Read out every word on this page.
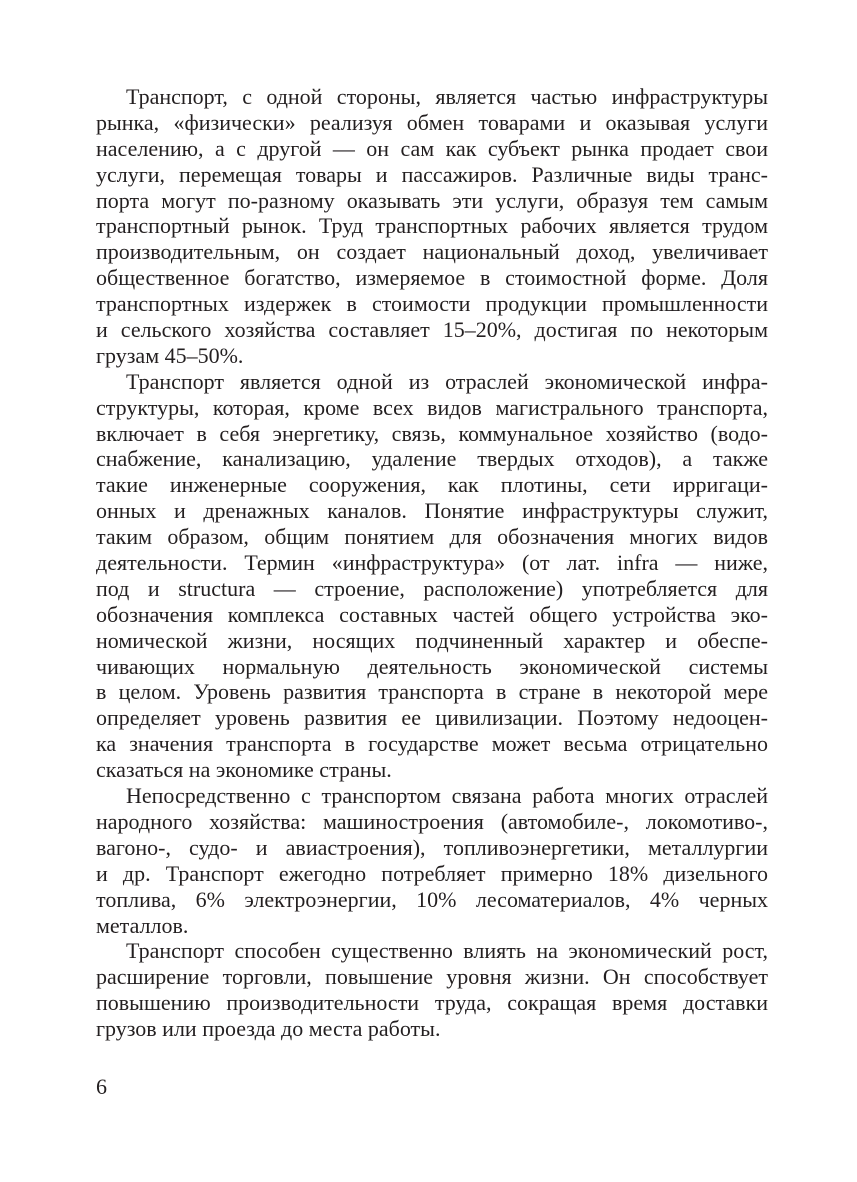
Транспорт, с одной стороны, является частью инфраструктуры
рынка, «физически» реализуя обмен товарами и оказывая услуги
населению, а с другой — он сам как субъект рынка продает свои
услуги, перемещая товары и пассажиров. Различные виды транс-
порта могут по-разному оказывать эти услуги, образуя тем самым
транспортный рынок. Труд транспортных рабочих является трудом
производительным, он создает национальный доход, увеличивает
общественное богатство, измеряемое в стоимостной форме. Доля
транспортных издержек в стоимости продукции промышленности
и сельского хозяйства составляет 15–20%, достигая по некоторым
грузам 45–50%.
Транспорт является одной из отраслей экономической инфра-
структуры, которая, кроме всех видов магистрального транспорта,
включает в себя энергетику, связь, коммунальное хозяйство (водо-
снабжение, канализацию, удаление твердых отходов), а также
такие инженерные сооружения, как плотины, сети ирригаци-
онных и дренажных каналов. Понятие инфраструктуры служит,
таким образом, общим понятием для обозначения многих видов
деятельности. Термин «инфраструктура» (от лат. infra — ниже,
под и structura — строение, расположение) употребляется для
обозначения комплекса составных частей общего устройства эко-
номической жизни, носящих подчиненный характер и обеспе-
чивающих нормальную деятельность экономической системы
в целом. Уровень развития транспорта в стране в некоторой мере
определяет уровень развития ее цивилизации. Поэтому недооцен-
ка значения транспорта в государстве может весьма отрицательно
сказаться на экономике страны.
Непосредственно с транспортом связана работа многих отраслей
народного хозяйства: машиностроения (автомобиле-, локомотиво-,
вагоно-, судо- и авиастроения), топливоэнергетики, металлургии
и др. Транспорт ежегодно потребляет примерно 18% дизельного
топлива, 6% электроэнергии, 10% лесоматериалов, 4% черных
металлов.
Транспорт способен существенно влиять на экономический рост,
расширение торговли, повышение уровня жизни. Он способствует
повышению производительности труда, сокращая время доставки
грузов или проезда до места работы.
6
